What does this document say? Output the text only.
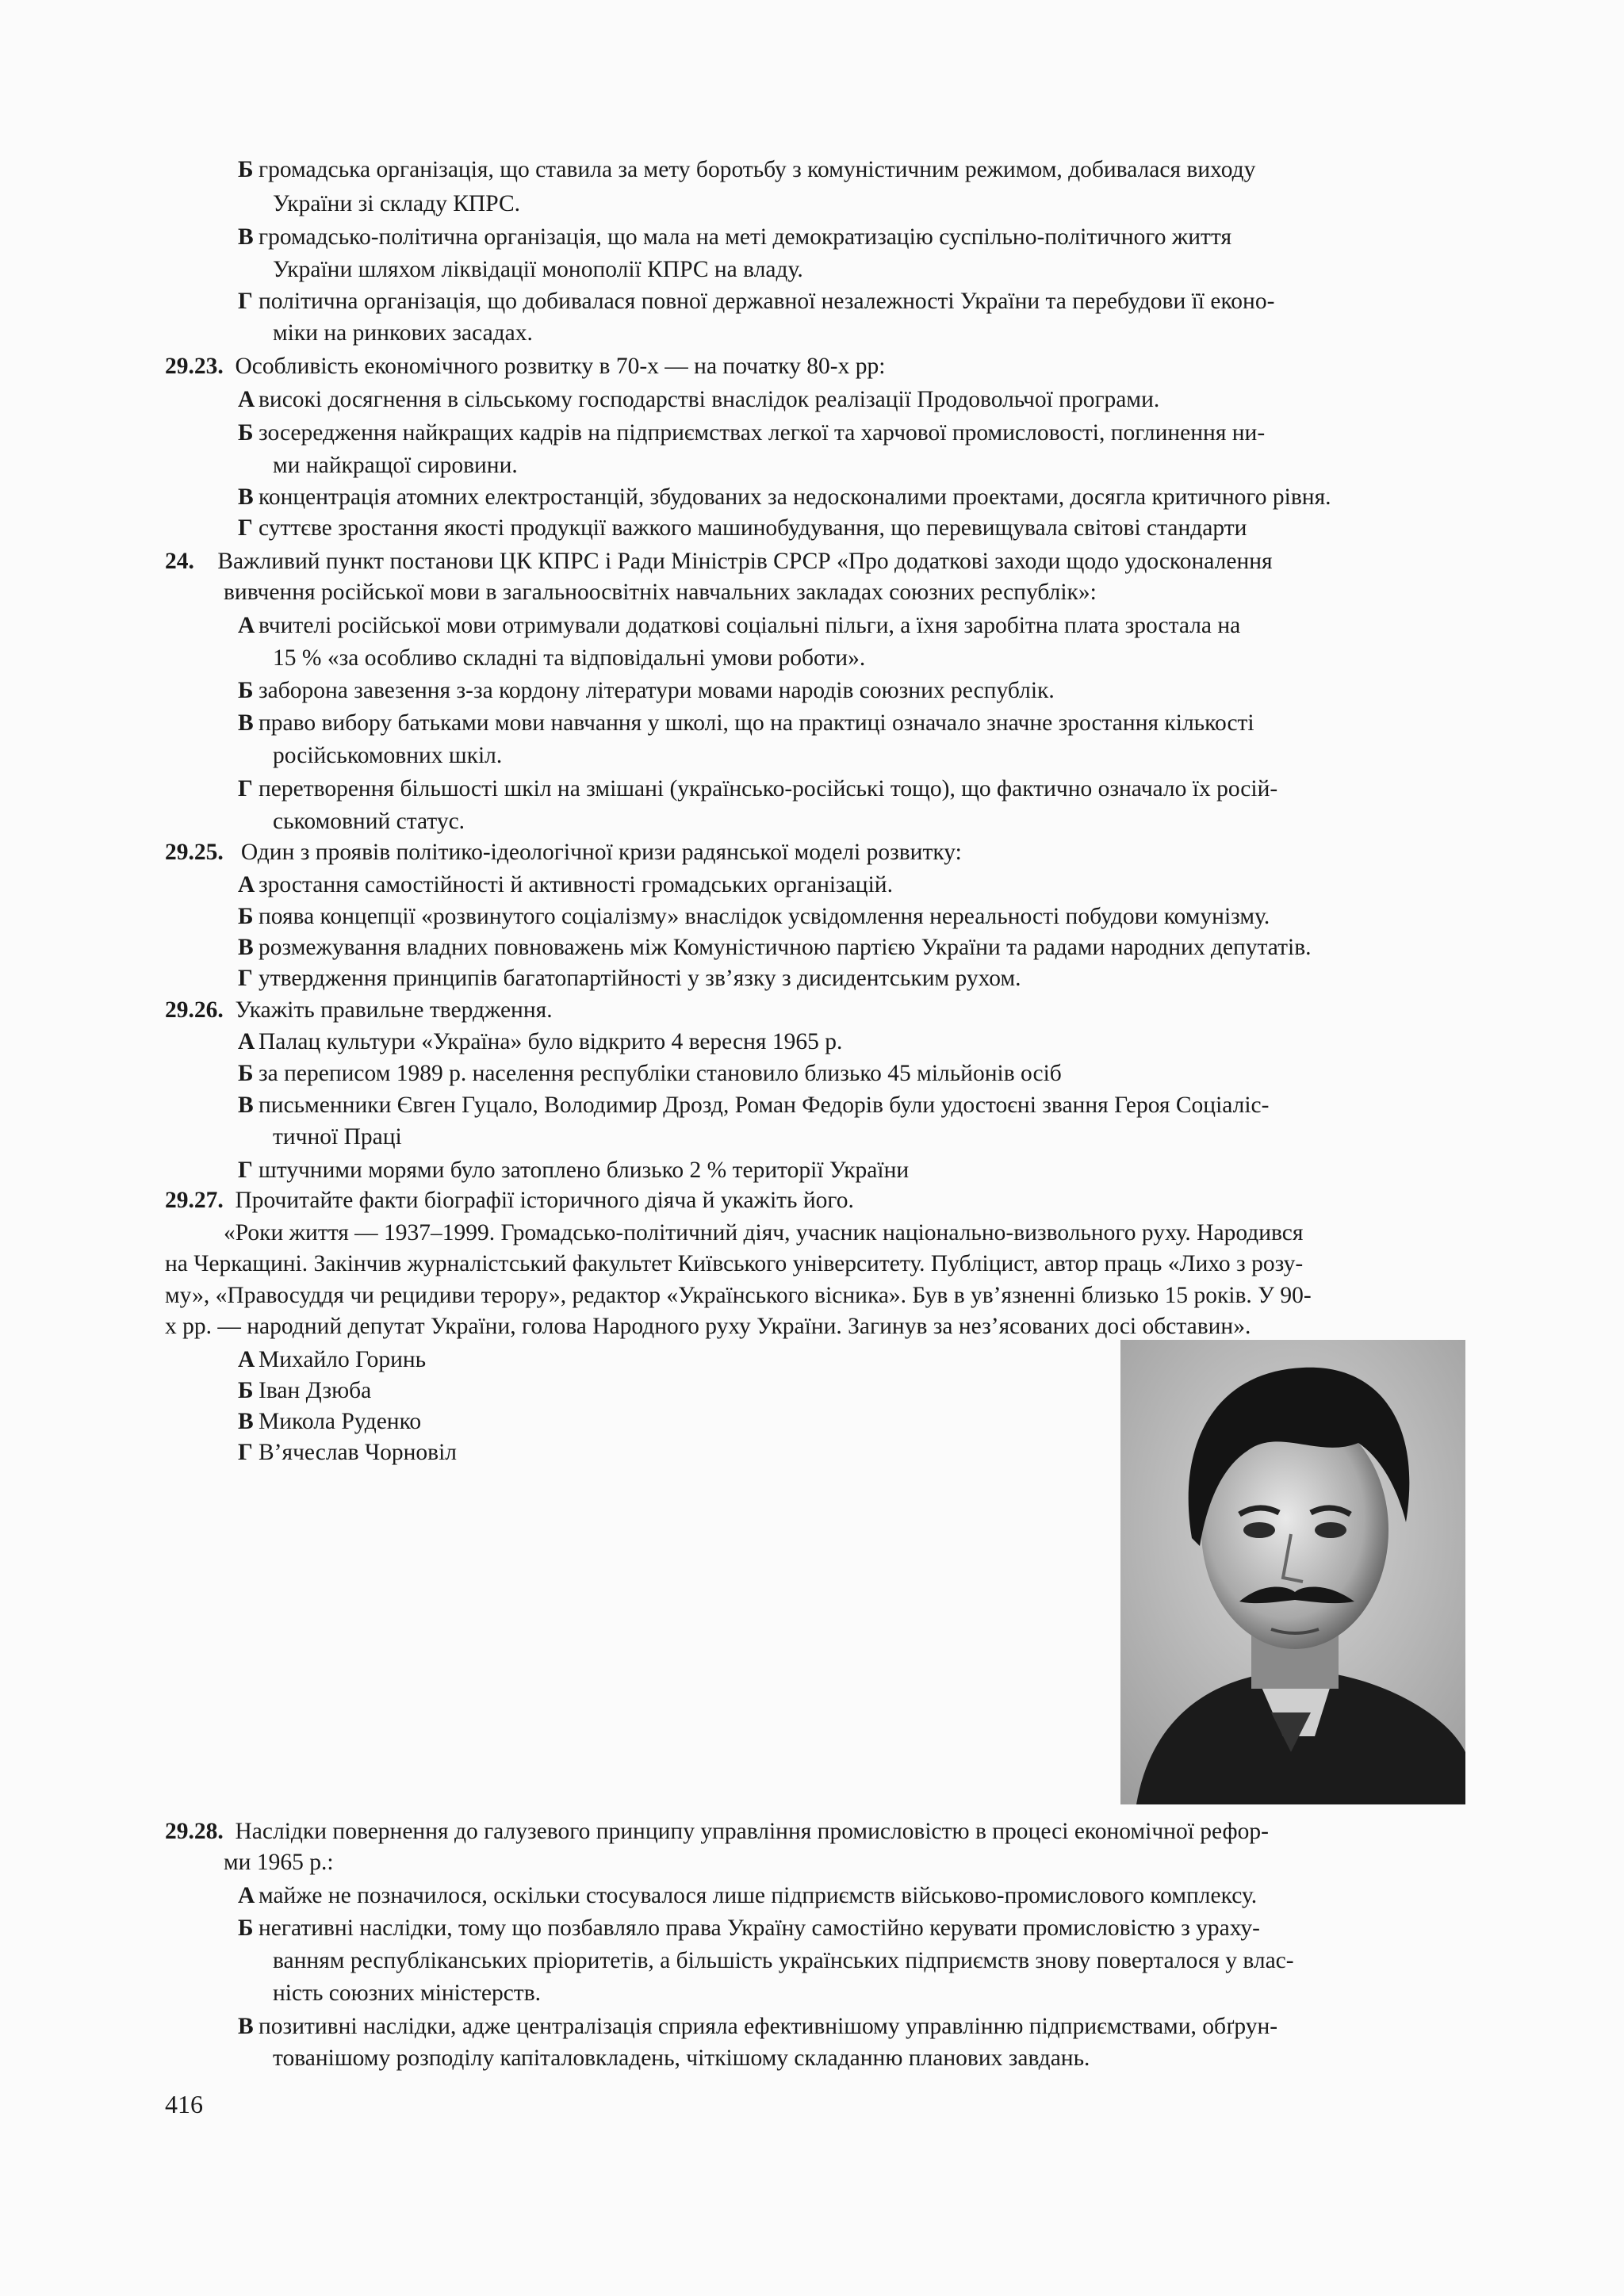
Б громадська організація, що ставила за мету боротьбу з комуністичним режимом, добивалася виходу
України зі складу КПРС.
В громадсько-політична організація, що мала на меті демократизацію суспільно-політичного життя
України шляхом ліквідації монополії КПРС на владу.
Г політична організація, що добивалася повної державної незалежності України та перебудови її еконо-
міки на ринкових засадах.
29.23. Особливість економічного розвитку в 70-х — на початку 80-х рр:
А високі досягнення в сільському господарстві внаслідок реалізації Продовольчої програми.
Б зосередження найкращих кадрів на підприємствах легкої та харчової промисловості, поглинення ни-
ми найкращої сировини.
В концентрація атомних електростанцій, збудованих за недосконалими проектами, досягла критичного рівня.
Г суттєве зростання якості продукції важкого машинобудування, що перевищувала світові стандарти
24. Важливий пункт постанови ЦК КПРС і Ради Міністрів СРСР «Про додаткові заходи щодо удосконалення
вивчення російської мови в загальноосвітніх навчальних закладах союзних республік»:
А вчителі російської мови отримували додаткові соціальні пільги, а їхня заробітна плата зростала на
15 % «за особливо складні та відповідальні умови роботи».
Б заборона завезення з-за кордону літератури мовами народів союзних республік.
В право вибору батьками мови навчання у школі, що на практиці означало значне зростання кількості
російськомовних шкіл.
Г перетворення більшості шкіл на змішані (українсько-російські тощо), що фактично означало їх росій-
ськомовний статус.
29.25. Один з проявів політико-ідеологічної кризи радянської моделі розвитку:
А зростання самостійності й активності громадських організацій.
Б поява концепції «розвинутого соціалізму» внаслідок усвідомлення нереальності побудови комунізму.
В розмежування владних повноважень між Комуністичною партією України та радами народних депутатів.
Г утвердження принципів багатопартійності у зв’язку з дисидентським рухом.
29.26. Укажіть правильне твердження.
А Палац культури «Україна» було відкрито 4 вересня 1965 р.
Б за переписом 1989 р. населення республіки становило близько 45 мільйонів осіб
В письменники Євген Гуцало, Володимир Дрозд, Роман Федорів були удостоєні звання Героя Соціаліс-
тичної Праці
Г штучними морями було затоплено близько 2 % території України
29.27. Прочитайте факти біографії історичного діяча й укажіть його.
«Роки життя — 1937–1999. Громадсько-політичний діяч, учасник національно-визвольного руху. Народився
на Черкащині. Закінчив журналістський факультет Київського університету. Публіцист, автор праць «Лихо з розу-
му», «Правосуддя чи рецидиви терору», редактор «Українського вісника». Був в ув’язненні близько 15 років. У 90-
х рр. — народний депутат України, голова Народного руху України. Загинув за нез’ясованих досі обставин».
А Михайло Горинь
Б Іван Дзюба
В Микола Руденко
Г В’ячеслав Чорновіл
29.28. Наслідки повернення до галузевого принципу управління промисловістю в процесі економічної рефор-
ми 1965 р.:
А майже не позначилося, оскільки стосувалося лише підприємств військово-промислового комплексу.
Б негативні наслідки, тому що позбавляло права Україну самостійно керувати промисловістю з ураху-
ванням республіканських пріоритетів, а більшість українських підприємств знову поверталося у влас-
ність союзних міністерств.
В позитивні наслідки, адже централізація сприяла ефективнішому управлінню підприємствами, обґрун-
тованішому розподілу капіталовкладень, чіткішому складанню планових завдань.
416
